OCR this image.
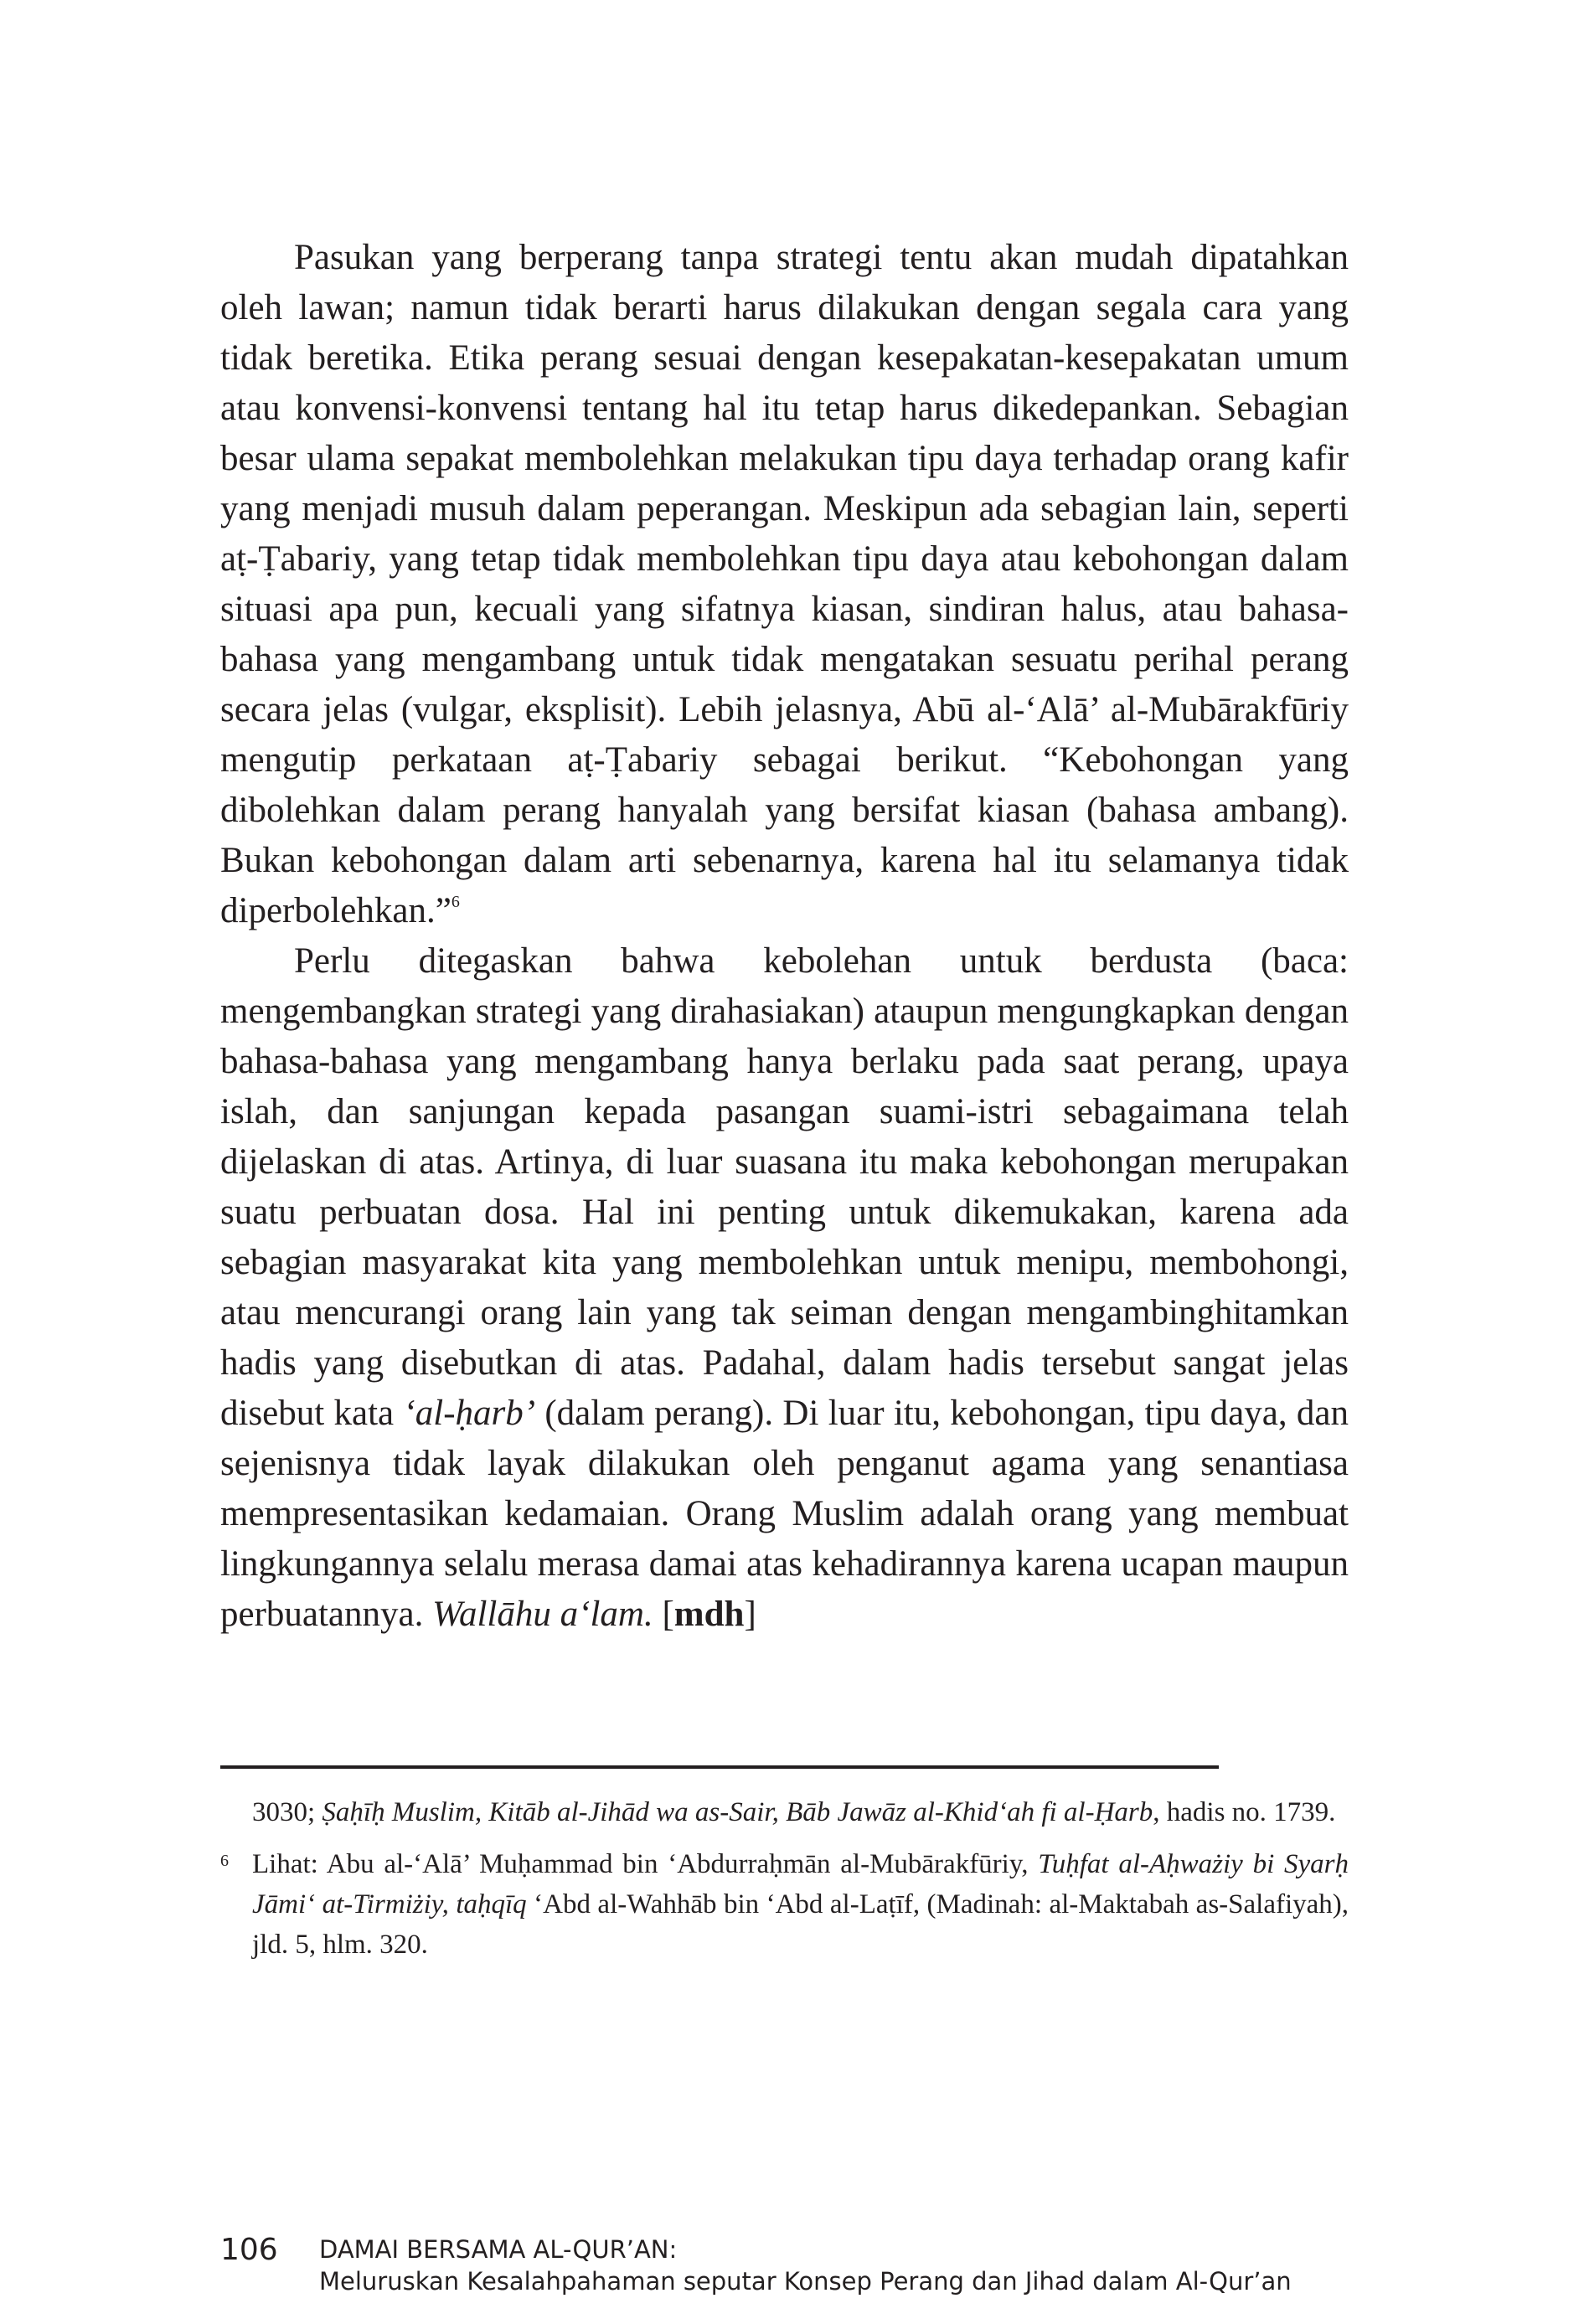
Pasukan yang berperang tanpa strategi tentu akan mudah dipatahkan oleh lawan; namun tidak berarti harus dilakukan dengan segala cara yang tidak beretika. Etika perang sesuai dengan kesepakatan-kesepakatan umum atau konvensi-konvensi tentang hal itu tetap harus dikedepankan. Sebagian besar ulama sepakat membolehkan melakukan tipu daya terhadap orang kafir yang menjadi musuh dalam peperangan. Meskipun ada sebagian lain, seperti aṭ-Ṭabariy, yang tetap tidak membolehkan tipu daya atau kebohongan dalam situasi apa pun, kecuali yang sifatnya kiasan, sindiran halus, atau bahasa-bahasa yang mengambang untuk tidak mengatakan sesuatu perihal perang secara jelas (vulgar, eksplisit). Lebih jelasnya, Abū al-‘Alā’ al-Mubārakfūriy mengutip perkataan aṭ-Ṭabariy sebagai berikut. “Kebohongan yang dibolehkan dalam perang hanyalah yang bersifat kiasan (bahasa ambang). Bukan kebohongan dalam arti sebenarnya, karena hal itu selamanya tidak diperbolehkan.”$^6$

Perlu ditegaskan bahwa kebolehan untuk berdusta (baca: mengembangkan strategi yang dirahasiakan) ataupun mengungkapkan dengan bahasa-bahasa yang mengambang hanya berlaku pada saat perang, upaya islah, dan sanjungan kepada pasangan suami-istri sebagaimana telah dijelaskan di atas. Artinya, di luar suasana itu maka kebohongan merupakan suatu perbuatan dosa. Hal ini penting untuk dikemukakan, karena ada sebagian masyarakat kita yang membolehkan untuk menipu, membohongi, atau mencurangi orang lain yang tak seiman dengan mengambinghitamkan hadis yang disebutkan di atas. Padahal, dalam hadis tersebut sangat jelas disebut kata ‘al-ḥarb’ (dalam perang). Di luar itu, kebohongan, tipu daya, dan sejenisnya tidak layak dilakukan oleh penganut agama yang senantiasa mempresentasikan kedamaian. Orang Muslim adalah orang yang membuat lingkungannya selalu merasa damai atas kehadirannya karena ucapan maupun perbuatannya. Wallāhu a‘lam. [mdh]

3030; Ṣaḥīḥ Muslim, Kitāb al-Jihād wa as-Sair, Bāb Jawāz al-Khid‘ah fi al-Ḥarb, hadis no. 1739.
6 Lihat: Abu al-‘Alā’ Muḥammad bin ‘Abdurraḥmān al-Mubārakfūriy, Tuḥfat al-Aḥważiy bi Syarḥ Jāmi‘ at-Tirmiżiy, taḥqīq ‘Abd al-Wahhāb bin ‘Abd al-Laṭīf, (Madinah: al-Maktabah as-Salafiyah), jld. 5, hlm. 320.
106 DAMAI BERSAMA AL-QUR’AN:
Meluruskan Kesalahpahaman seputar Konsep Perang dan Jihad dalam Al-Qur’an
